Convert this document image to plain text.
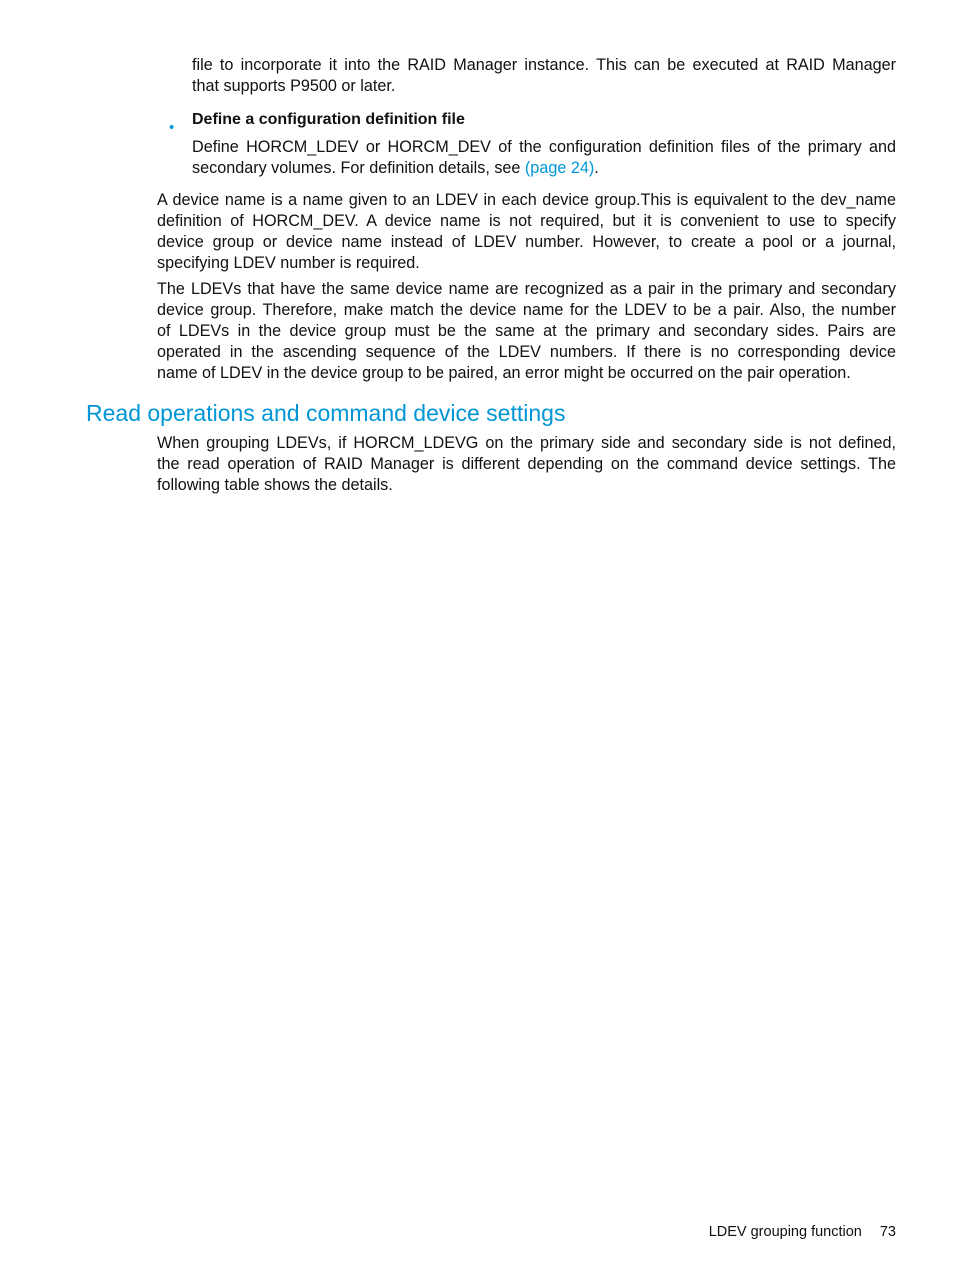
file to incorporate it into the RAID Manager instance. This can be executed at RAID Manager
that supports P9500 or later.

• Define a configuration definition file

Define HORCM_LDEV or HORCM_DEV of the configuration definition files of the primary and
secondary volumes. For definition details, see (page 24).

A device name is a name given to an LDEV in each device group.This is equivalent to the dev_name
definition of HORCM_DEV. A device name is not required, but it is convenient to use to specify
device group or device name instead of LDEV number. However, to create a pool or a journal,
specifying LDEV number is required.

The LDEVs that have the same device name are recognized as a pair in the primary and secondary
device group. Therefore, make match the device name for the LDEV to be a pair. Also, the number
of LDEVs in the device group must be the same at the primary and secondary sides. Pairs are
operated in the ascending sequence of the LDEV numbers. If there is no corresponding device
name of LDEV in the device group to be paired, an error might be occurred on the pair operation.

Read operations and command device settings

When grouping LDEVs, if HORCM_LDEVG on the primary side and secondary side is not defined,
the read operation of RAID Manager is different depending on the command device settings. The
following table shows the details.

LDEV grouping function 73
